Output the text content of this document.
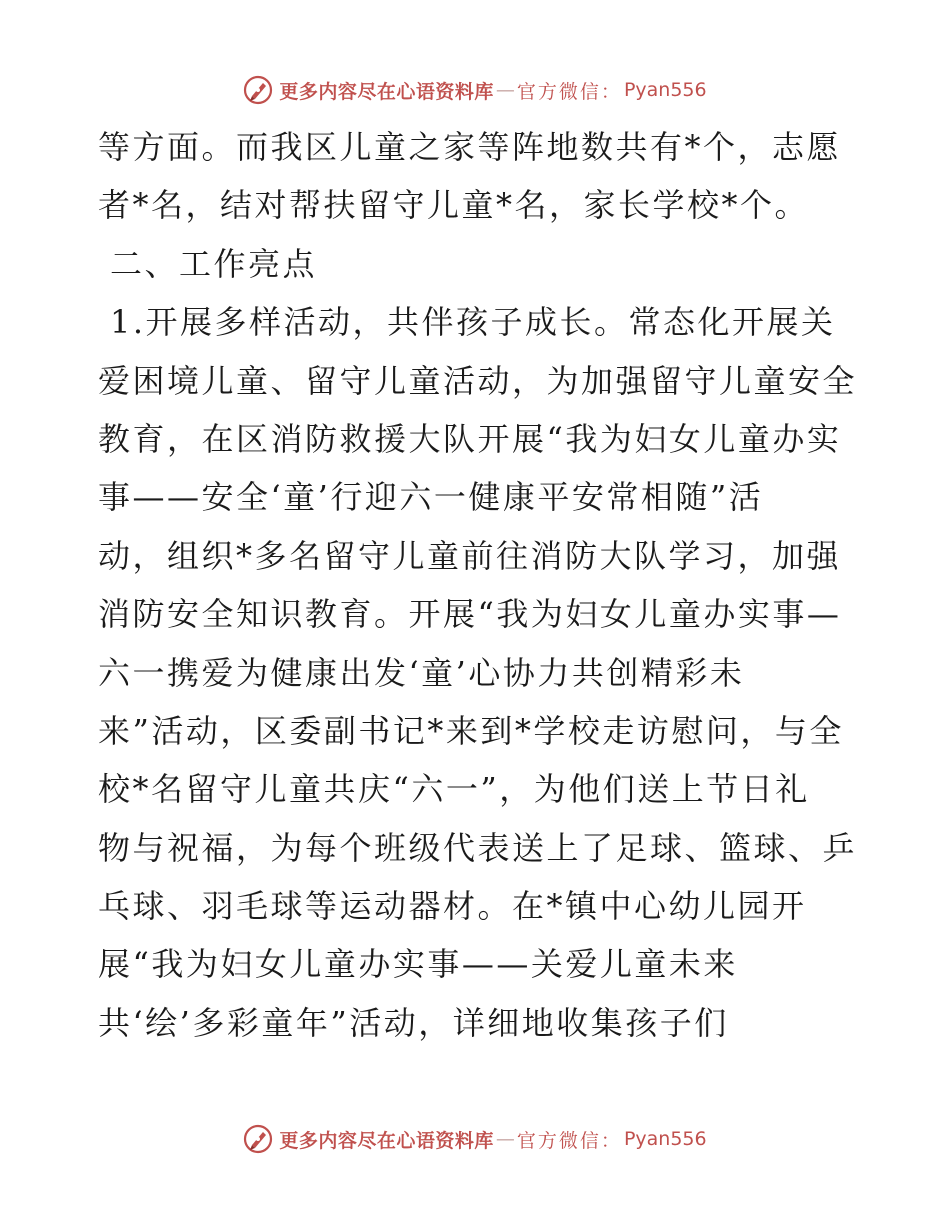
更多内容尽在心语资料库 — 官方微信： Pyan556
等方面。而我区儿童之家等阵地数共有*个，志愿
者*名，结对帮扶留守儿童*名，家长学校*个。
二、工作亮点
1.开展多样活动，共伴孩子成长。常态化开展关
爱困境儿童、留守儿童活动，为加强留守儿童安全
教育，在区消防救援大队开展“我为妇女儿童办实
事——安全‘童’行迎六一健康平安常相随”活
动，组织*多名留守儿童前往消防大队学习，加强
消防安全知识教育。开展“我为妇女儿童办实事—
六一携爱为健康出发‘童’心协力共创精彩未
来”活动，区委副书记*来到*学校走访慰问，与全
校*名留守儿童共庆“六一”，为他们送上节日礼
物与祝福，为每个班级代表送上了足球、篮球、乒
乓球、羽毛球等运动器材。在*镇中心幼儿园开
展“我为妇女儿童办实事——关爱儿童未来
共‘绘’多彩童年”活动，详细地收集孩子们
更多内容尽在心语资料库 — 官方微信： Pyan556
